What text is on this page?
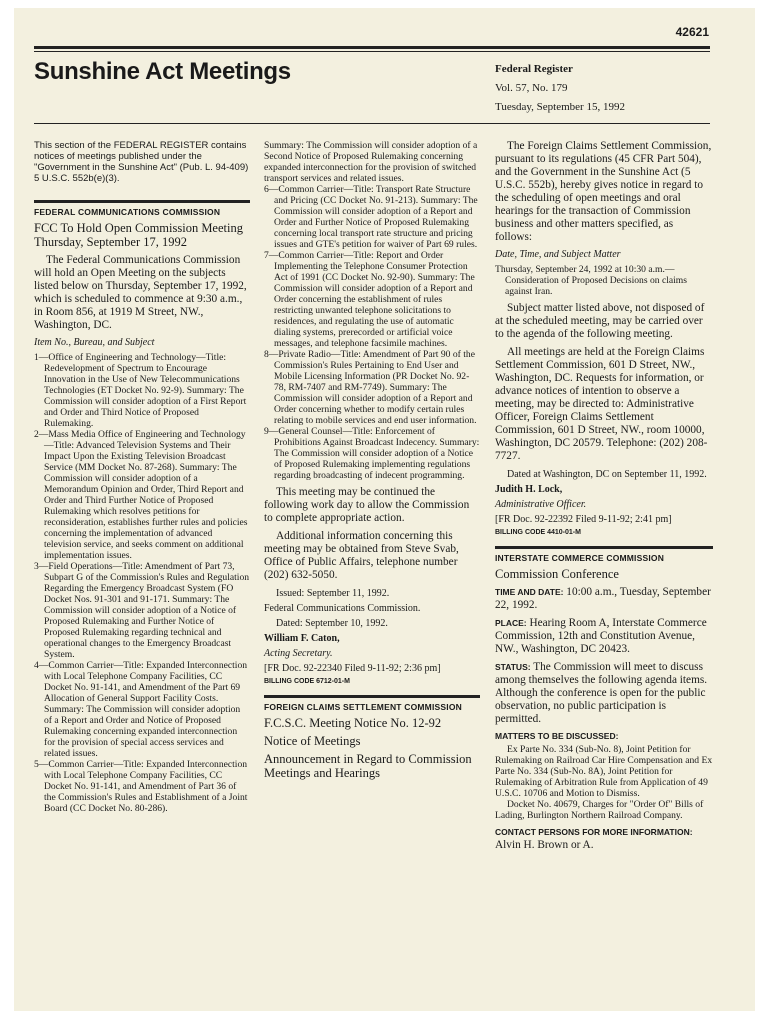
42621
Sunshine Act Meetings	Federal Register
Vol. 57, No. 179
Tuesday, September 15, 1992

This section of the FEDERAL REGISTER contains notices of meetings published under the "Government in the Sunshine Act" (Pub. L. 94-409) 5 U.S.C. 552b(e)(3).

FEDERAL COMMUNICATIONS COMMISSION
FCC To Hold Open Commission Meeting Thursday, September 17, 1992

The Federal Communications Commission will hold an Open Meeting on the subjects listed below on Thursday, September 17, 1992, which is scheduled to commence at 9:30 a.m., in Room 856, at 1919 M Street, NW., Washington, DC.

Item No., Bureau, and Subject

1—Office of Engineering and Technology—Title: Redevelopment of Spectrum to Encourage Innovation in the Use of New Telecommunications Technologies (ET Docket No. 92-9). Summary: The Commission will consider adoption of a First Report and Order and Third Notice of Proposed Rulemaking.

2—Mass Media Office of Engineering and Technology—Title: Advanced Television Systems and Their Impact Upon the Existing Television Broadcast Service (MM Docket No. 87-268). Summary: The Commission will consider adoption of a Memorandum Opinion and Order, Third Report and Order and Third Further Notice of Proposed Rulemaking which resolves petitions for reconsideration, establishes further rules and policies concerning the implementation of advanced television service, and seeks comment on additional implementation issues.

3—Field Operations—Title: Amendment of Part 73, Subpart G of the Commission's Rules and Regulation Regarding the Emergency Broadcast System (FO Docket Nos. 91-301 and 91-171. Summary: The Commission will consider adoption of a Notice of Proposed Rulemaking and Further Notice of Proposed Rulemaking regarding technical and operational changes to the Emergency Broadcast System.

4—Common Carrier—Title: Expanded Interconnection with Local Telephone Company Facilities, CC Docket No. 91-141, and Amendment of the Part 69 Allocation of General Support Facility Costs. Summary: The Commission will consider adoption of a Report and Order and Notice of Proposed Rulemaking concerning expanded interconnection for the provision of special access services and related issues.

5—Common Carrier—Title: Expanded Interconnection with Local Telephone Company Facilities, CC Docket No. 91-141, and Amendment of Part 36 of the Commission's Rules and Establishment of a Joint Board (CC Docket No. 80-286).

Summary: The Commission will consider adoption of a Second Notice of Proposed Rulemaking concerning expanded interconnection for the provision of switched transport services and related issues.

6—Common Carrier—Title: Transport Rate Structure and Pricing (CC Docket No. 91-213). Summary: The Commission will consider adoption of a Report and Order and Further Notice of Proposed Rulemaking concerning local transport rate structure and pricing issues and GTE's petition for waiver of Part 69 rules.

7—Common Carrier—Title: Report and Order Implementing the Telephone Consumer Protection Act of 1991 (CC Docket No. 92-90). Summary: The Commission will consider adoption of a Report and Order concerning the establishment of rules restricting unwanted telephone solicitations to residences, and regulating the use of automatic dialing systems, prerecorded or artificial voice messages, and telephone facsimile machines.

8—Private Radio—Title: Amendment of Part 90 of the Commission's Rules Pertaining to End User and Mobile Licensing Information (PR Docket No. 92-78, RM-7407 and RM-7749). Summary: The Commission will consider adoption of a Report and Order concerning whether to modify certain rules relating to mobile services and end user information.

9—General Counsel—Title: Enforcement of Prohibitions Against Broadcast Indecency. Summary: The Commission will consider adoption of a Notice of Proposed Rulemaking implementing regulations regarding broadcasting of indecent programming.

This meeting may be continued the following work day to allow the Commission to complete appropriate action.

Additional information concerning this meeting may be obtained from Steve Svab, Office of Public Affairs, telephone number (202) 632-5050.

Issued: September 11, 1992.

Federal Communications Commission.

Dated: September 10, 1992.

William F. Caton,

Acting Secretary.

[FR Doc. 92-22340 Filed 9-11-92; 2:36 pm]

BILLING CODE 6712-01-M

FOREIGN CLAIMS SETTLEMENT COMMISSION

F.C.S.C. Meeting Notice No. 12-92

Notice of Meetings

Announcement in Regard to Commission Meetings and Hearings

The Foreign Claims Settlement Commission, pursuant to its regulations (45 CFR Part 504), and the Government in the Sunshine Act (5 U.S.C. 552b), hereby gives notice in regard to the scheduling of open meetings and oral hearings for the transaction of Commission business and other matters specified, as follows:

Date, Time, and Subject Matter

Thursday, September 24, 1992 at 10:30 a.m.—Consideration of Proposed Decisions on claims against Iran.

Subject matter listed above, not disposed of at the scheduled meeting, may be carried over to the agenda of the following meeting.

All meetings are held at the Foreign Claims Settlement Commission, 601 D Street, NW., Washington, DC. Requests for information, or advance notices of intention to observe a meeting, may be directed to: Administrative Officer, Foreign Claims Settlement Commission, 601 D Street, NW., room 10000, Washington, DC 20579. Telephone: (202) 208-7727.

Dated at Washington, DC on September 11, 1992.

Judith H. Lock,

Administrative Officer.

[FR Doc. 92-22392 Filed 9-11-92; 2:41 pm]

BILLING CODE 4410-01-M

INTERSTATE COMMERCE COMMISSION

Commission Conference

TIME AND DATE: 10:00 a.m., Tuesday, September 22, 1992.

PLACE: Hearing Room A, Interstate Commerce Commission, 12th and Constitution Avenue, NW., Washington, DC 20423.

STATUS: The Commission will meet to discuss among themselves the following agenda items. Although the conference is open for the public observation, no public participation is permitted.

MATTERS TO BE DISCUSSED:

Ex Parte No. 334 (Sub-No. 8), Joint Petition for Rulemaking on Railroad Car Hire Compensation and Ex Parte No. 334 (Sub-No. 8A), Joint Petition for Rulemaking of Arbitration Rule from Application of 49 U.S.C. 10706 and Motion to Dismiss.

Docket No. 40679, Charges for "Order Of" Bills of Lading, Burlington Northern Railroad Company.

CONTACT PERSONS FOR MORE INFORMATION: Alvin H. Brown or A.
